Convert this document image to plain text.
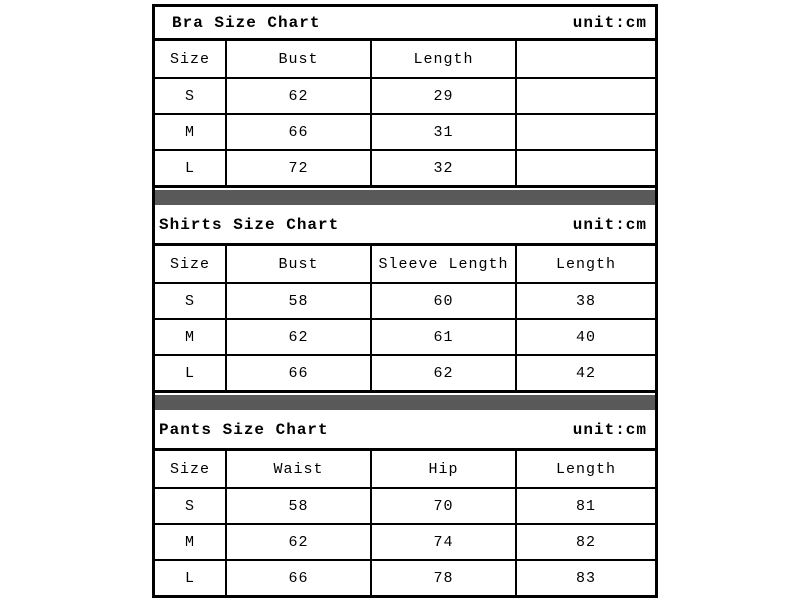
Bra Size Chart	unit:cm
Size	Bust	Length
S	62	29
M	66	31
L	72	32
Shirts Size Chart	unit:cm
Size	Bust	Sleeve Length	Length
S	58	60	38
M	62	61	40
L	66	62	42
Pants Size Chart	unit:cm
Size	Waist	Hip	Length
S	58	70	81
M	62	74	82
L	66	78	83
